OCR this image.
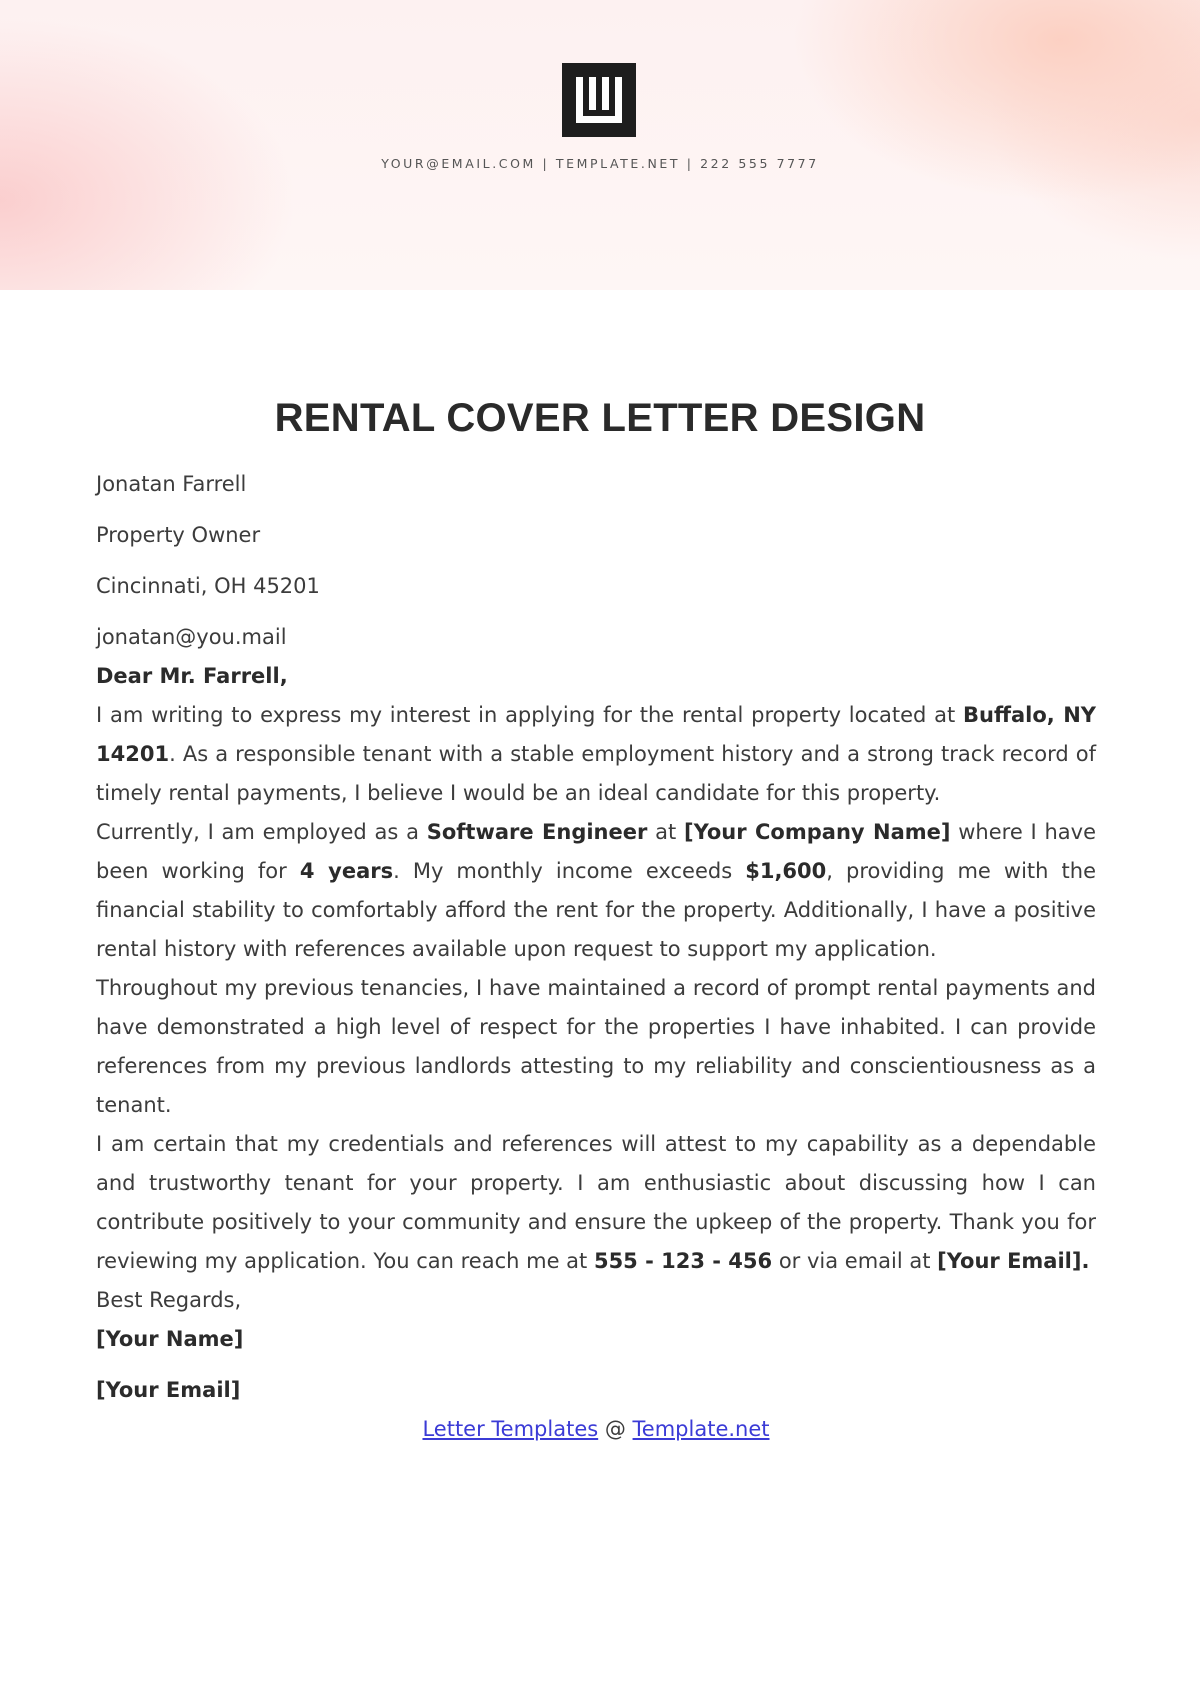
YOUR@EMAIL.COM | TEMPLATE.NET | 222 555 7777
RENTAL COVER LETTER DESIGN

Jonatan Farrell

Property Owner

Cincinnati, OH 45201

jonatan@you.mail

Dear Mr. Farrell,

I am writing to express my interest in applying for the rental property located at Buffalo, NY 14201. As a responsible tenant with a stable employment history and a strong track record of timely rental payments, I believe I would be an ideal candidate for this property.

Currently, I am employed as a Software Engineer at [Your Company Name] where I have been working for 4 years. My monthly income exceeds $1,600, providing me with the financial stability to comfortably afford the rent for the property. Additionally, I have a positive rental history with references available upon request to support my application.

Throughout my previous tenancies, I have maintained a record of prompt rental payments and have demonstrated a high level of respect for the properties I have inhabited. I can provide references from my previous landlords attesting to my reliability and conscientiousness as a tenant.

I am certain that my credentials and references will attest to my capability as a dependable and trustworthy tenant for your property. I am enthusiastic about discussing how I can contribute positively to your community and ensure the upkeep of the property. Thank you for reviewing my application. You can reach me at 555 - 123 - 456 or via email at [Your Email].

Best Regards,

[Your Name]

[Your Email]

Letter Templates @ Template.net
